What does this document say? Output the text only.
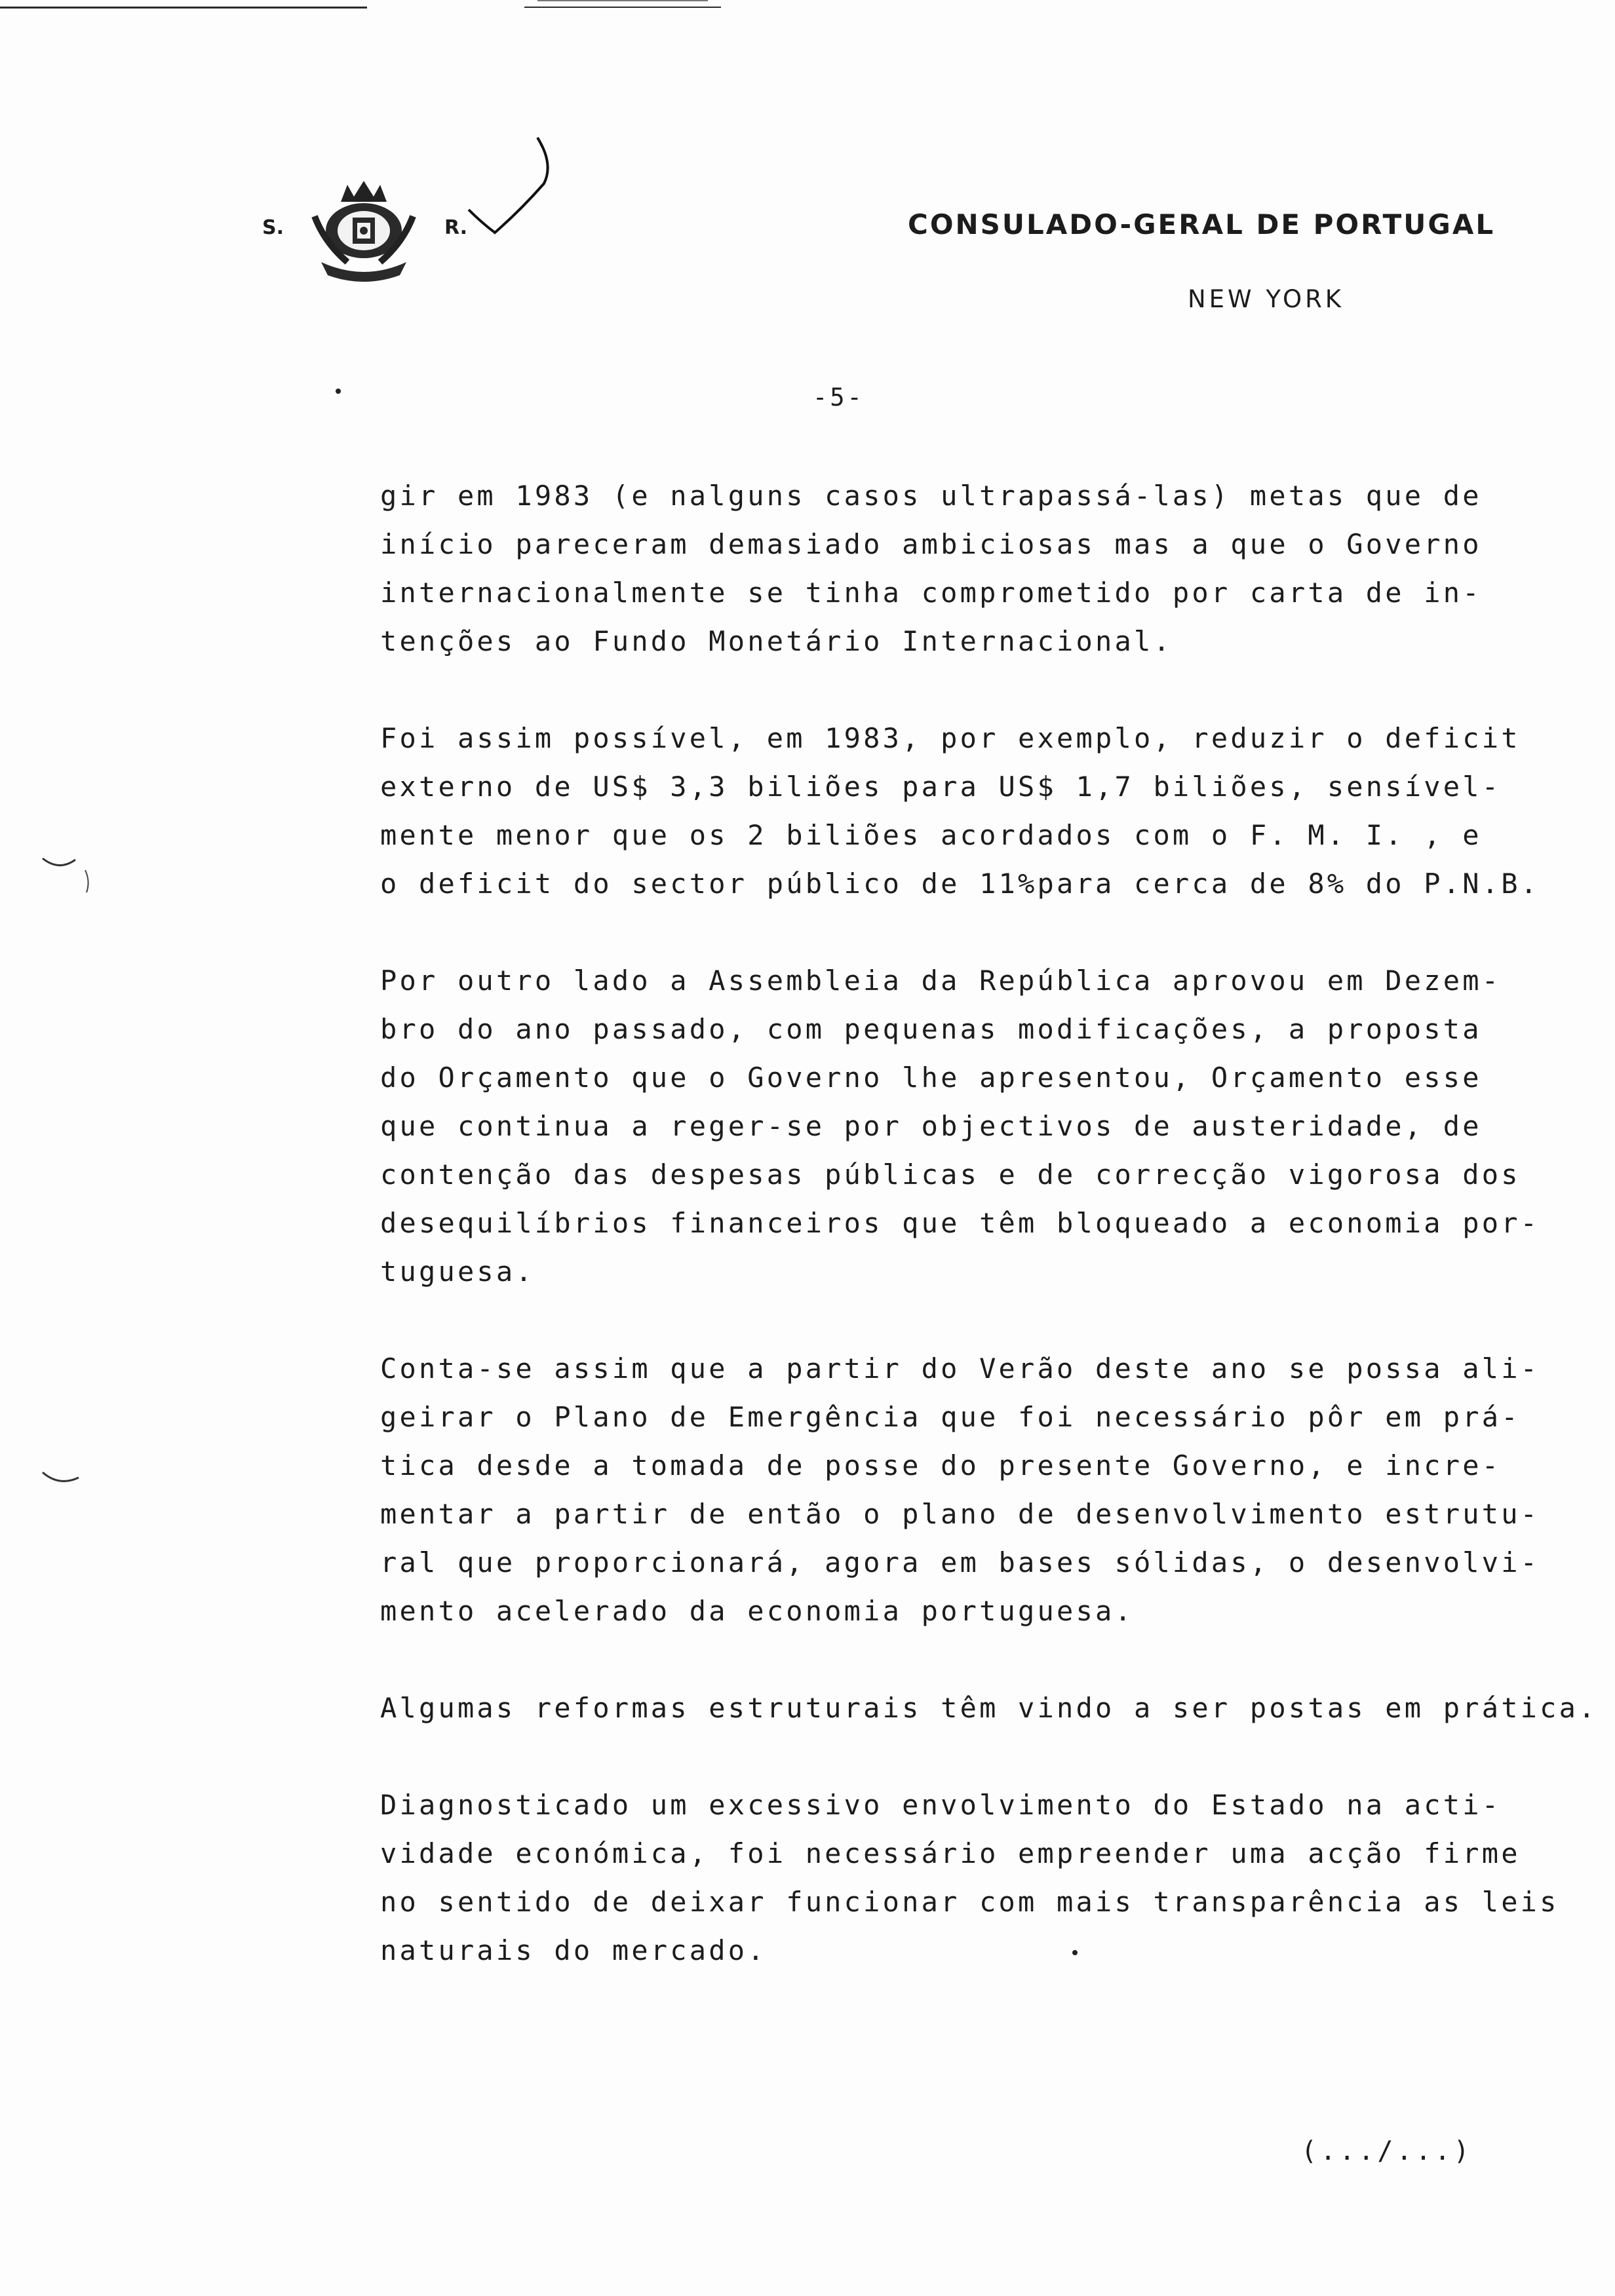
S.	R.	CONSULADO-GERAL DE PORTUGAL
NEW YORK
-5-
gir em 1983 (e nalguns casos ultrapassá-las) metas que de
início pareceram demasiado ambiciosas mas a que o Governo
internacionalmente se tinha comprometido por carta de in-
tenções ao Fundo Monetário Internacional.
Foi assim possível, em 1983, por exemplo, reduzir o deficit
externo de US$ 3,3 biliões para US$ 1,7 biliões, sensível-
mente menor que os 2 biliões acordados com o F. M. I. , e
o deficit do sector público de 11%para cerca de 8% do P.N.B.
Por outro lado a Assembleia da República aprovou em Dezem-
bro do ano passado, com pequenas modificações, a proposta
do Orçamento que o Governo lhe apresentou, Orçamento esse
que continua a reger-se por objectivos de austeridade, de
contenção das despesas públicas e de correcção vigorosa dos
desequilíbrios financeiros que têm bloqueado a economia por-
tuguesa.
Conta-se assim que a partir do Verão deste ano se possa ali-
geirar o Plano de Emergência que foi necessário pôr em prá-
tica desde a tomada de posse do presente Governo, e incre-
mentar a partir de então o plano de desenvolvimento estrutu-
ral que proporcionará, agora em bases sólidas, o desenvolvi-
mento acelerado da economia portuguesa.
Algumas reformas estruturais têm vindo a ser postas em prática.
Diagnosticado um excessivo envolvimento do Estado na acti-
vidade económica, foi necessário empreender uma acção firme
no sentido de deixar funcionar com mais transparência as leis
naturais do mercado.
(.../...)
